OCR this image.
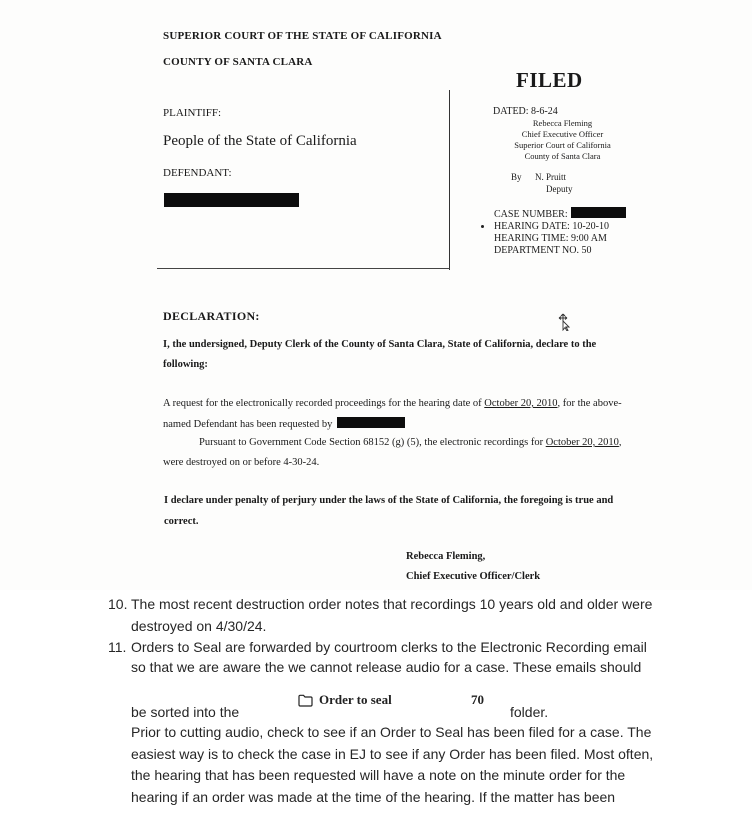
SUPERIOR COURT OF THE STATE OF CALIFORNIA
COUNTY OF SANTA CLARA
FILED
PLAINTIFF:
People of the State of California
DEFENDANT:
DATED: 8-6-24
Rebecca Fleming
Chief Executive Officer
Superior Court of California
County of Santa Clara
By N. Pruitt
Deputy
CASE NUMBER:
HEARING DATE: 10-20-10
HEARING TIME: 9:00 AM
DEPARTMENT NO. 50
DECLARATION:
I, the undersigned, Deputy Clerk of the County of Santa Clara, State of California, declare to the following:
A request for the electronically recorded proceedings for the hearing date of October 20, 2010, for the above-named Defendant has been requested by
Pursuant to Government Code Section 68152 (g) (5), the electronic recordings for October 20, 2010, were destroyed on or before 4-30-24.
I declare under penalty of perjury under the laws of the State of California, the foregoing is true and correct.
Rebecca Fleming,
Chief Executive Officer/Clerk
10. The most recent destruction order notes that recordings 10 years old and older were
destroyed on 4/30/24.
11. Orders to Seal are forwarded by courtroom clerks to the Electronic Recording email
so that we are aware the we cannot release audio for a case. These emails should
be sorted into the
Order to seal	70
folder.
Prior to cutting audio, check to see if an Order to Seal has been filed for a case. The
easiest way is to check the case in EJ to see if any Order has been filed. Most often,
the hearing that has been requested will have a note on the minute order for the
hearing if an order was made at the time of the hearing. If the matter has been
